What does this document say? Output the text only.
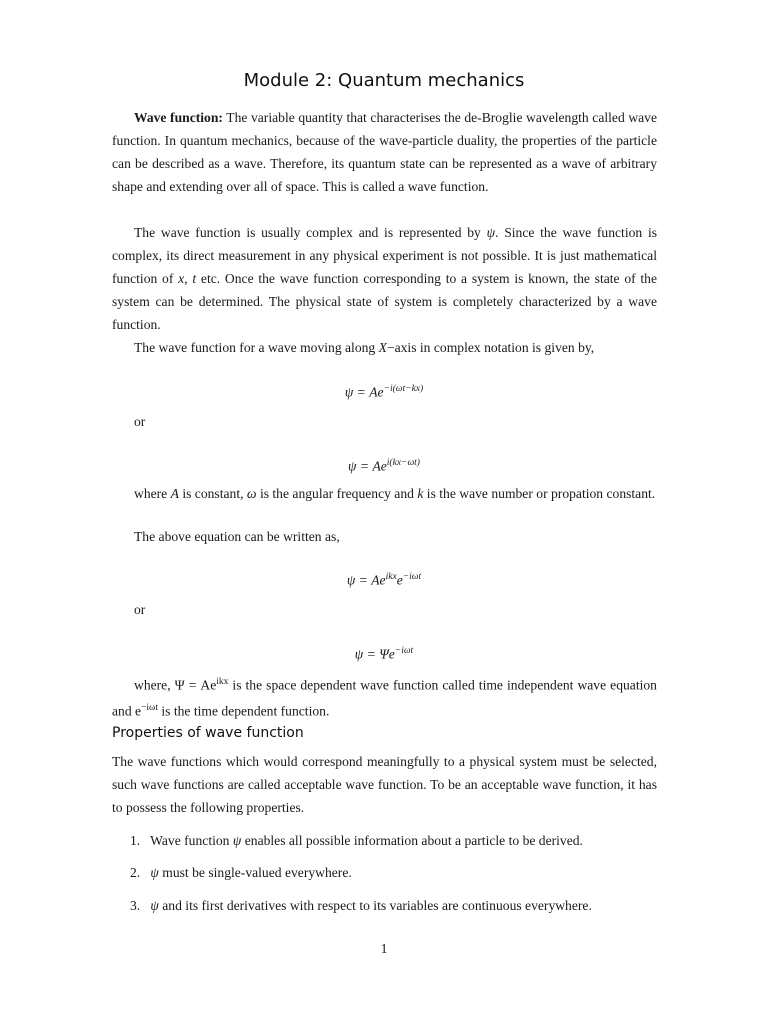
Module 2: Quantum mechanics
Wave function: The variable quantity that characterises the de-Broglie wavelength called wave function. In quantum mechanics, because of the wave-particle duality, the properties of the particle can be described as a wave. Therefore, its quantum state can be represented as a wave of arbitrary shape and extending over all of space. This is called a wave function.
The wave function is usually complex and is represented by ψ. Since the wave function is complex, its direct measurement in any physical experiment is not possible. It is just mathematical function of x, t etc. Once the wave function corresponding to a system is known, the state of the system can be determined. The physical state of system is completely characterized by a wave function.
The wave function for a wave moving along X−axis in complex notation is given by,
$\psi = Ae^{-i(\omega t-kx)}$
or
$\psi = Ae^{i(kx-\omega t)}$
where A is constant, ω is the angular frequency and k is the wave number or propation constant.
The above equation can be written as,
$\psi = Ae^{ikx}e^{-i\omega t}$
or
$\psi = \Psi e^{-i\omega t}$
where, $\Psi = Ae^{ikx}$ is the space dependent wave function called time independent wave equation and $e^{-i\omega t}$ is the time dependent function.
Properties of wave function
The wave functions which would correspond meaningfully to a physical system must be selected, such wave functions are called acceptable wave function. To be an acceptable wave function, it has to possess the following properties.
1. Wave function ψ enables all possible information about a particle to be derived.
2. ψ must be single-valued everywhere.
3. ψ and its first derivatives with respect to its variables are continuous everywhere.
1
